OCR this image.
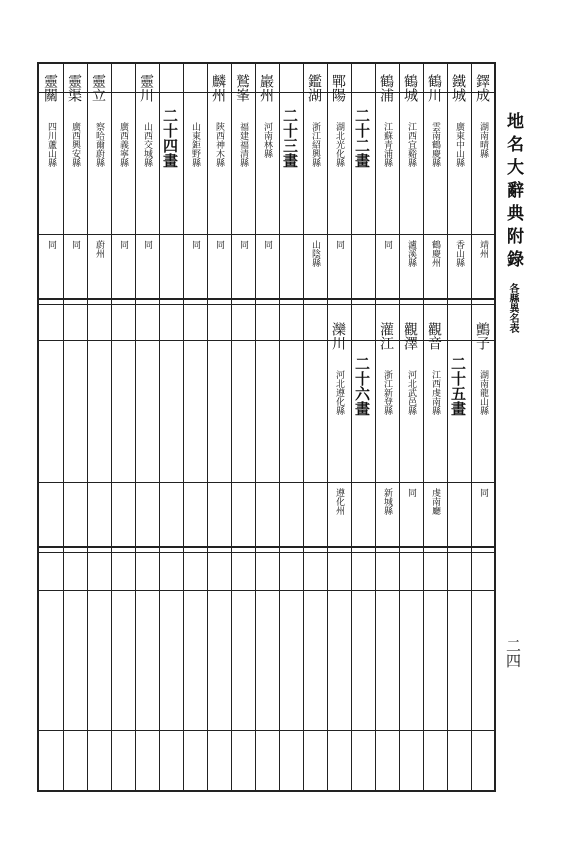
地名大辭典附錄
各縣異名表
二四
鐸成
湖南晴縣
靖州
鐵城
廣東中山縣
香山縣
鶴川
雲南鶴慶縣
鶴慶州
鶴城
江西宜谿縣
瀘溪縣
鶴浦
江蘇青浦縣
同
二十二畫
鄲陽
湖北光化縣
同
鑑湖
浙江紹興縣
山陰縣
二十三畫
巖州
河南林縣
同
鷲峯
福建福清縣
同
麟州
陝西神木縣
同
山東鉅野縣
同
二十四畫
靈川
山西交城縣
同
廣西義寧縣
同
靈立
察哈爾蔚縣
蔚州
靈渠
廣西興安縣
同
靈關
四川蘆山縣
同
鸇子
湖南龍山縣
同
二十五畫
觀音
江西虔南縣
虔南廳
觀澤
河北武邑縣
同
灌江
浙江新登縣
新城縣
二十六畫
灤川
河北遵化縣
遵化州
